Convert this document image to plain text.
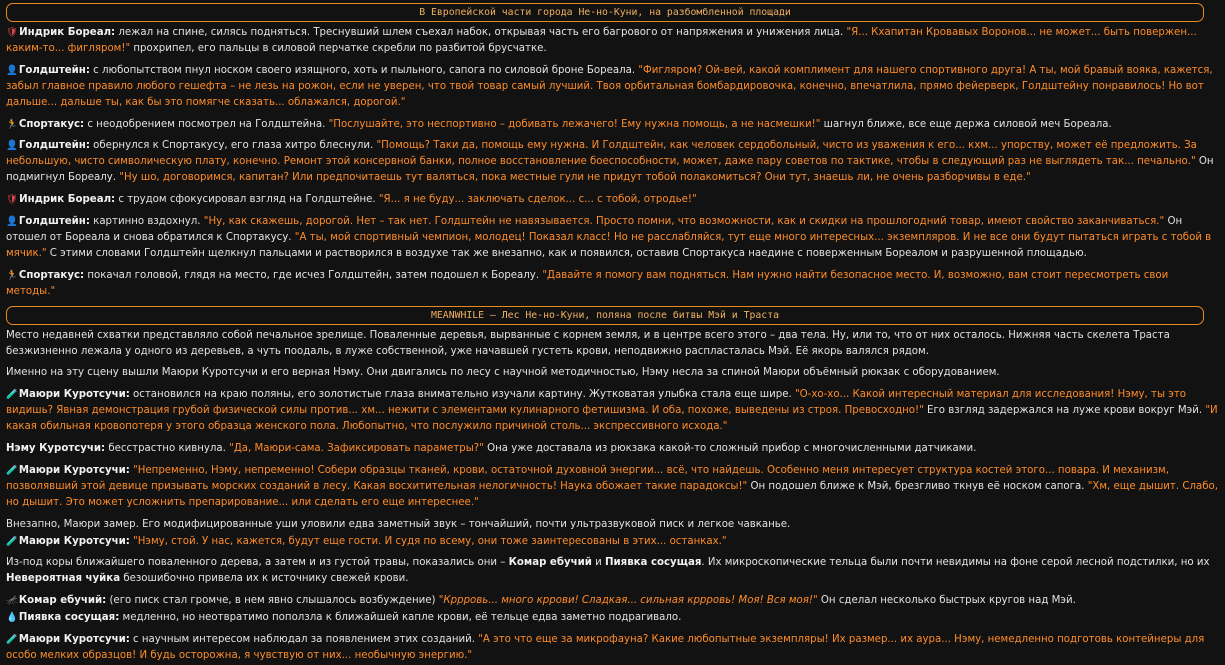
В Европейской части города Не-но-Куни, на разбомбленной площади

🛡Индрик Бореал: лежал на спине, силясь подняться. Треснувший шлем съехал набок, открывая часть его багрового от напряжения и унижения лица. "Я... Кхапитан Кровавых Воронов... не может... быть повержен... каким-то... фигляром!" прохрипел, его пальцы в силовой перчатке скребли по разбитой брусчатке.

👤Голдштейн: с любопытством пнул носком своего изящного, хоть и пыльного, сапога по силовой броне Бореала. "Фигляром? Ой-вей, какой комплимент для нашего спортивного друга! А ты, мой бравый вояка, кажется, забыл главное правило любого гешефта – не лезь на рожон, если не уверен, что твой товар самый лучший. Твоя орбитальная бомбардировочка, конечно, впечатлила, прямо фейерверк, Голдштейну понравилось! Но вот дальше... дальше ты, как бы это помягче сказать... облажался, дорогой."

🏃Спортакус: с неодобрением посмотрел на Голдштейна. "Послушайте, это неспортивно – добивать лежачего! Ему нужна помощь, а не насмешки!" шагнул ближе, все еще держа силовой меч Бореала.

👤Голдштейн: обернулся к Спортакусу, его глаза хитро блеснули. "Помощь? Таки да, помощь ему нужна. И Голдштейн, как человек сердобольный, чисто из уважения к его... кхм... упорству, может её предложить. За небольшую, чисто символическую плату, конечно. Ремонт этой консервной банки, полное восстановление боеспособности, может, даже пару советов по тактике, чтобы в следующий раз не выглядеть так... печально." Он подмигнул Бореалу. "Ну шо, договоримся, капитан? Или предпочитаешь тут валяться, пока местные гули не придут тобой полакомиться? Они тут, знаешь ли, не очень разборчивы в еде."

🛡Индрик Бореал: с трудом сфокусировал взгляд на Голдштейне. "Я... я не буду... заключать сделок... с... с тобой, отродье!"

👤Голдштейн: картинно вздохнул. "Ну, как скажешь, дорогой. Нет – так нет. Голдштейн не навязывается. Просто помни, что возможности, как и скидки на прошлогодний товар, имеют свойство заканчиваться." Он отошел от Бореала и снова обратился к Спортакусу. "А ты, мой спортивный чемпион, молодец! Показал класс! Но не расслабляйся, тут еще много интересных... экземпляров. И не все они будут пытаться играть с тобой в мячик." С этими словами Голдштейн щелкнул пальцами и растворился в воздухе так же внезапно, как и появился, оставив Спортакуса наедине с поверженным Бореалом и разрушенной площадью.

🏃Спортакус: покачал головой, глядя на место, где исчез Голдштейн, затем подошел к Бореалу. "Давайте я помогу вам подняться. Нам нужно найти безопасное место. И, возможно, вам стоит пересмотреть свои методы."

MEANWHILE – Лес Не-но-Куни, поляна после битвы Мэй и Траста

Место недавней схватки представляло собой печальное зрелище. Поваленные деревья, вырванные с корнем земля, и в центре всего этого – два тела. Ну, или то, что от них осталось. Нижняя часть скелета Траста безжизненно лежала у одного из деревьев, а чуть поодаль, в луже собственной, уже начавшей густеть крови, неподвижно распласталась Мэй. Её якорь валялся рядом.

Именно на эту сцену вышли Маюри Куротсучи и его верная Нэму. Они двигались по лесу с научной методичностью, Нэму несла за спиной Маюри объёмный рюкзак с оборудованием.

🧪Маюри Куротсучи: остановился на краю поляны, его золотистые глаза внимательно изучали картину. Жутковатая улыбка стала еще шире. "О-хо-хо... Какой интересный материал для исследования! Нэму, ты это видишь? Явная демонстрация грубой физической силы против... хм... нежити с элементами кулинарного фетишизма. И оба, похоже, выведены из строя. Превосходно!" Его взгляд задержался на луже крови вокруг Мэй. "И какая обильная кровопотеря у этого образца женского пола. Любопытно, что послужило причиной столь... экспрессивного исхода."

Нэму Куротсучи: бесстрастно кивнула. "Да, Маюри-сама. Зафиксировать параметры?" Она уже доставала из рюкзака какой-то сложный прибор с многочисленными датчиками.

🧪Маюри Куротсучи: "Непременно, Нэму, непременно! Собери образцы тканей, крови, остаточной духовной энергии... всё, что найдешь. Особенно меня интересует структура костей этого... повара. И механизм, позволявший этой девице призывать морских созданий в лесу. Какая восхитительная нелогичность! Наука обожает такие парадоксы!" Он подошел ближе к Мэй, брезгливо ткнув её носком сапога. "Хм, еще дышит. Слабо, но дышит. Это может усложнить препарирование... или сделать его еще интереснее."

Внезапно, Маюри замер. Его модифицированные уши уловили едва заметный звук – тончайший, почти ультразвуковой писк и легкое чавканье.

🧪Маюри Куротсучи: "Нэму, стой. У нас, кажется, будут еще гости. И судя по всему, они тоже заинтересованы в этих... останках."

Из-под коры ближайшего поваленного дерева, а затем и из густой травы, показались они – Комар ебучий и Пиявка сосущая. Их микроскопические тельца были почти невидимы на фоне серой лесной подстилки, но их Невероятная чуйка безошибочно привела их к источнику свежей крови.

🦟Комар ебучий: (его писк стал громче, в нем явно слышалось возбуждение) "Кррровь... много кррови! Сладкая... сильная кррровь! Моя! Вся моя!" Он сделал несколько быстрых кругов над Мэй.

💧Пиявка сосущая: медленно, но неотвратимо поползла к ближайшей капле крови, её тельце едва заметно подрагивало.

🧪Маюри Куротсучи: с научным интересом наблюдал за появлением этих созданий. "А это что еще за микрофауна? Какие любопытные экземпляры! Их размер... их аура... Нэму, немедленно подготовь контейнеры для особо мелких образцов! И будь осторожна, я чувствую от них... необычную энергию."
